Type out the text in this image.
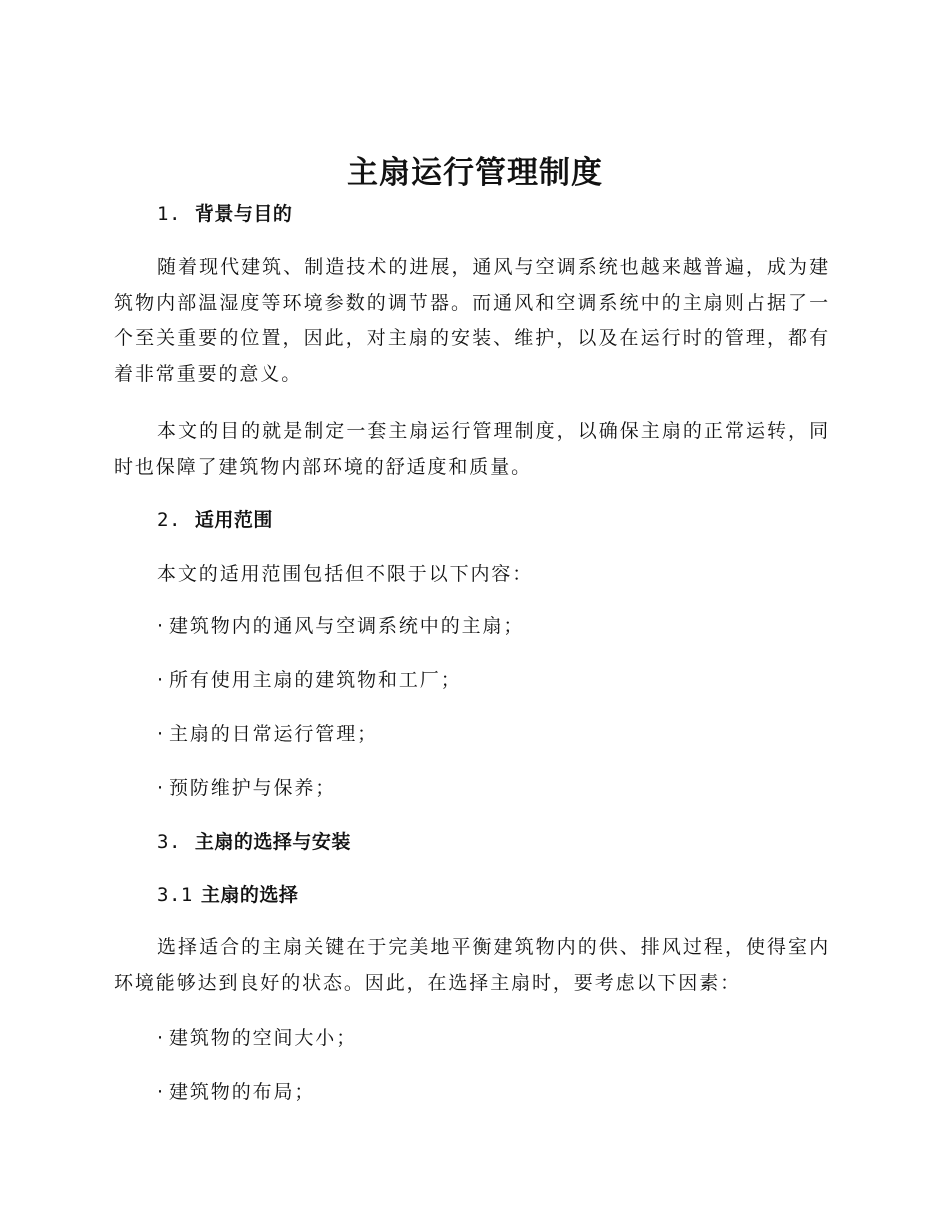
主扇运行管理制度
1. 背景与目的
随着现代建筑、制造技术的进展，通风与空调系统也越来越普遍，成为建筑物内部温湿度等环境参数的调节器。而通风和空调系统中的主扇则占据了一个至关重要的位置，因此，对主扇的安装、维护，以及在运行时的管理，都有着非常重要的意义。
本文的目的就是制定一套主扇运行管理制度，以确保主扇的正常运转，同时也保障了建筑物内部环境的舒适度和质量。
2. 适用范围
本文的适用范围包括但不限于以下内容：
· 建筑物内的通风与空调系统中的主扇；
· 所有使用主扇的建筑物和工厂；
· 主扇的日常运行管理；
· 预防维护与保养；
3. 主扇的选择与安装
3.1 主扇的选择
选择适合的主扇关键在于完美地平衡建筑物内的供、排风过程，使得室内环境能够达到良好的状态。因此，在选择主扇时，要考虑以下因素：
· 建筑物的空间大小；
· 建筑物的布局；
